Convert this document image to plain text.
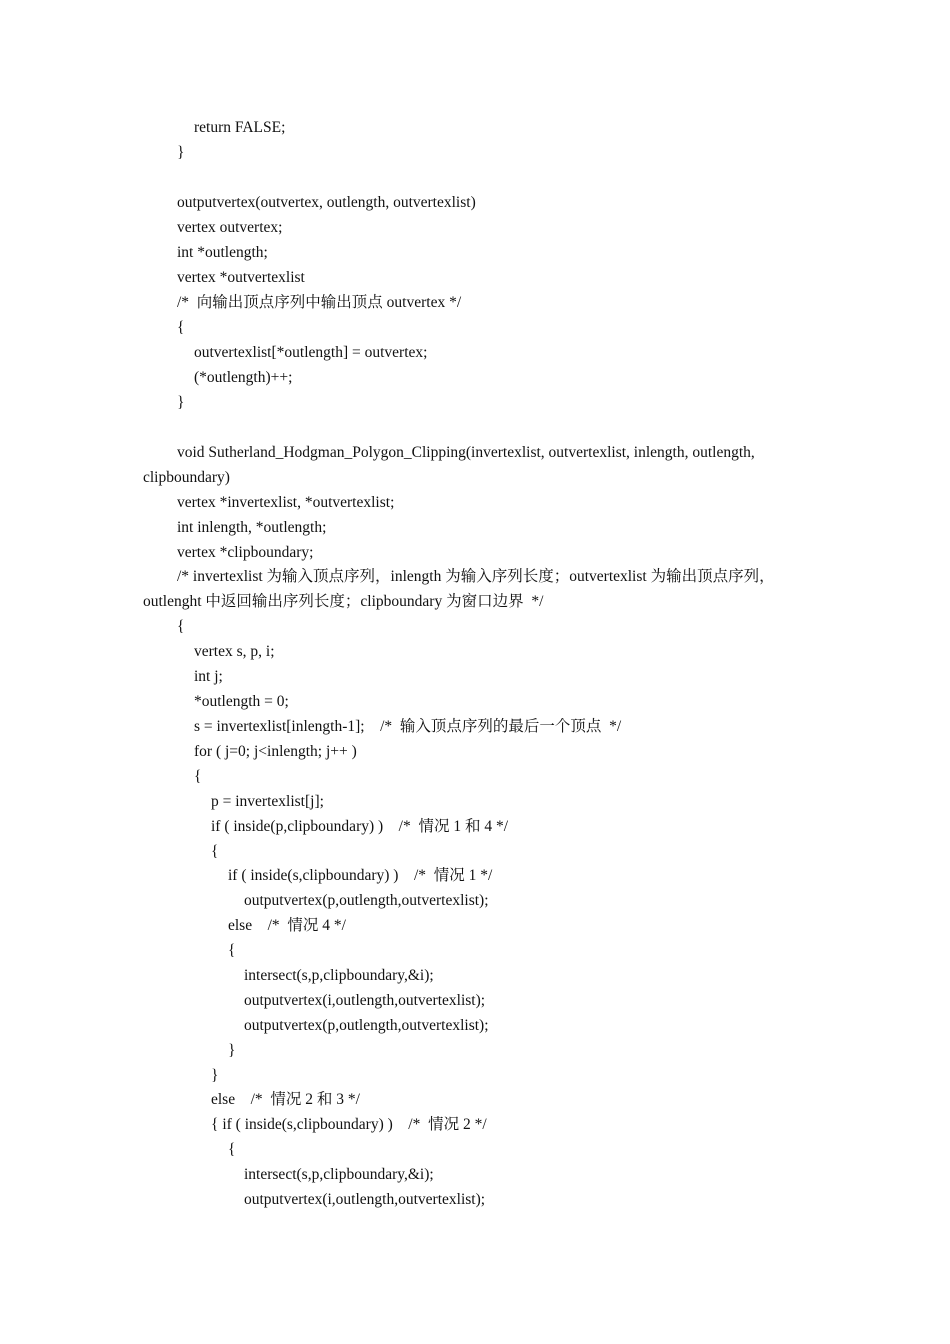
return FALSE;
}
outputvertex(outvertex, outlength, outvertexlist)
vertex outvertex;
int *outlength;
vertex *outvertexlist
/*  向输出顶点序列中输出顶点 outvertex */
{
outvertexlist[*outlength] = outvertex;
(*outlength)++;
}
void Sutherland_Hodgman_Polygon_Clipping(invertexlist, outvertexlist, inlength, outlength,
clipboundary)
vertex *invertexlist, *outvertexlist;
int inlength, *outlength;
vertex *clipboundary;
/* invertexlist 为输入顶点序列，inlength 为输入序列长度；outvertexlist 为输出顶点序列，
outlenght 中返回输出序列长度；clipboundary 为窗口边界  */
{
vertex s, p, i;
int j;
*outlength = 0;
s = invertexlist[inlength-1];    /*  输入顶点序列的最后一个顶点  */
for ( j=0; j<inlength; j++ )
{
p = invertexlist[j];
if ( inside(p,clipboundary) )    /*  情况 1 和 4 */
{
if ( inside(s,clipboundary) )    /*  情况 1 */
outputvertex(p,outlength,outvertexlist);
else    /*  情况 4 */
{
intersect(s,p,clipboundary,&i);
outputvertex(i,outlength,outvertexlist);
outputvertex(p,outlength,outvertexlist);
}
}
else    /*  情况 2 和 3 */
{ if ( inside(s,clipboundary) )    /*  情况 2 */
{
intersect(s,p,clipboundary,&i);
outputvertex(i,outlength,outvertexlist);
